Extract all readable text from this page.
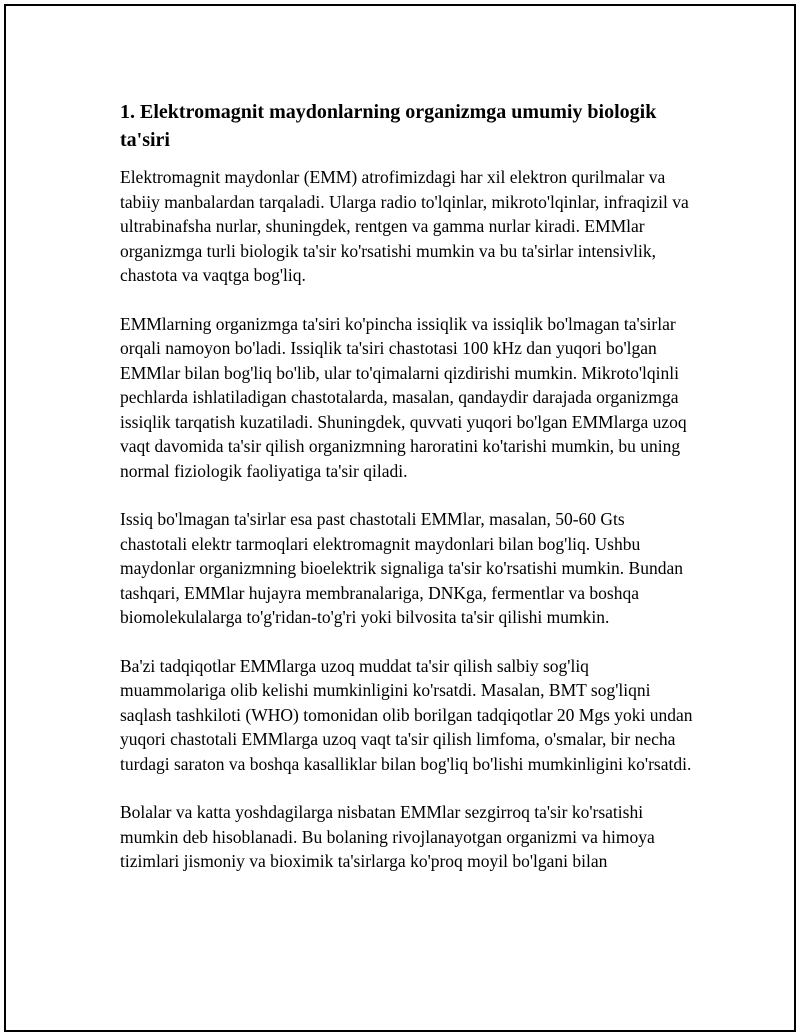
1. Elektromagnit maydonlarning organizmga umumiy biologik ta'siri

Elektromagnit maydonlar (EMM) atrofimizdagi har xil elektron qurilmalar va tabiiy manbalardan tarqaladi. Ularga radio to'lqinlar, mikroto'lqinlar, infraqizil va ultrabinafsha nurlar, shuningdek, rentgen va gamma nurlar kiradi. EMMlar organizmga turli biologik ta'sir ko'rsatishi mumkin va bu ta'sirlar intensivlik, chastota va vaqtga bog'liq.

EMMlarning organizmga ta'siri ko'pincha issiqlik va issiqlik bo'lmagan ta'sirlar orqali namoyon bo'ladi. Issiqlik ta'siri chastotasi 100 kHz dan yuqori bo'lgan EMMlar bilan bog'liq bo'lib, ular to'qimalarni qizdirishi mumkin. Mikroto'lqinli pechlarda ishlatiladigan chastotalarda, masalan, qandaydir darajada organizmga issiqlik tarqatish kuzatiladi. Shuningdek, quvvati yuqori bo'lgan EMMlarga uzoq vaqt davomida ta'sir qilish organizmning haroratini ko'tarishi mumkin, bu uning normal fiziologik faoliyatiga ta'sir qiladi.

Issiq bo'lmagan ta'sirlar esa past chastotali EMMlar, masalan, 50-60 Gts chastotali elektr tarmoqlari elektromagnit maydonlari bilan bog'liq. Ushbu maydonlar organizmning bioelektrik signaliga ta'sir ko'rsatishi mumkin. Bundan tashqari, EMMlar hujayra membranalariga, DNKga, fermentlar va boshqa biomolekulalarga to'g'ridan-to'g'ri yoki bilvosita ta'sir qilishi mumkin.

Ba'zi tadqiqotlar EMMlarga uzoq muddat ta'sir qilish salbiy sog'liq muammolariga olib kelishi mumkinligini ko'rsatdi. Masalan, BMT sog'liqni saqlash tashkiloti (WHO) tomonidan olib borilgan tadqiqotlar 20 Mgs yoki undan yuqori chastotali EMMlarga uzoq vaqt ta'sir qilish limfoma, o'smalar, bir necha turdagi saraton va boshqa kasalliklar bilan bog'liq bo'lishi mumkinligini ko'rsatdi.

Bolalar va katta yoshdagilarga nisbatan EMMlar sezgirroq ta'sir ko'rsatishi mumkin deb hisoblanadi. Bu bolaning rivojlanayotgan organizmi va himoya tizimlari jismoniy va bioximik ta'sirlarga ko'proq moyil bo'lgani bilan
